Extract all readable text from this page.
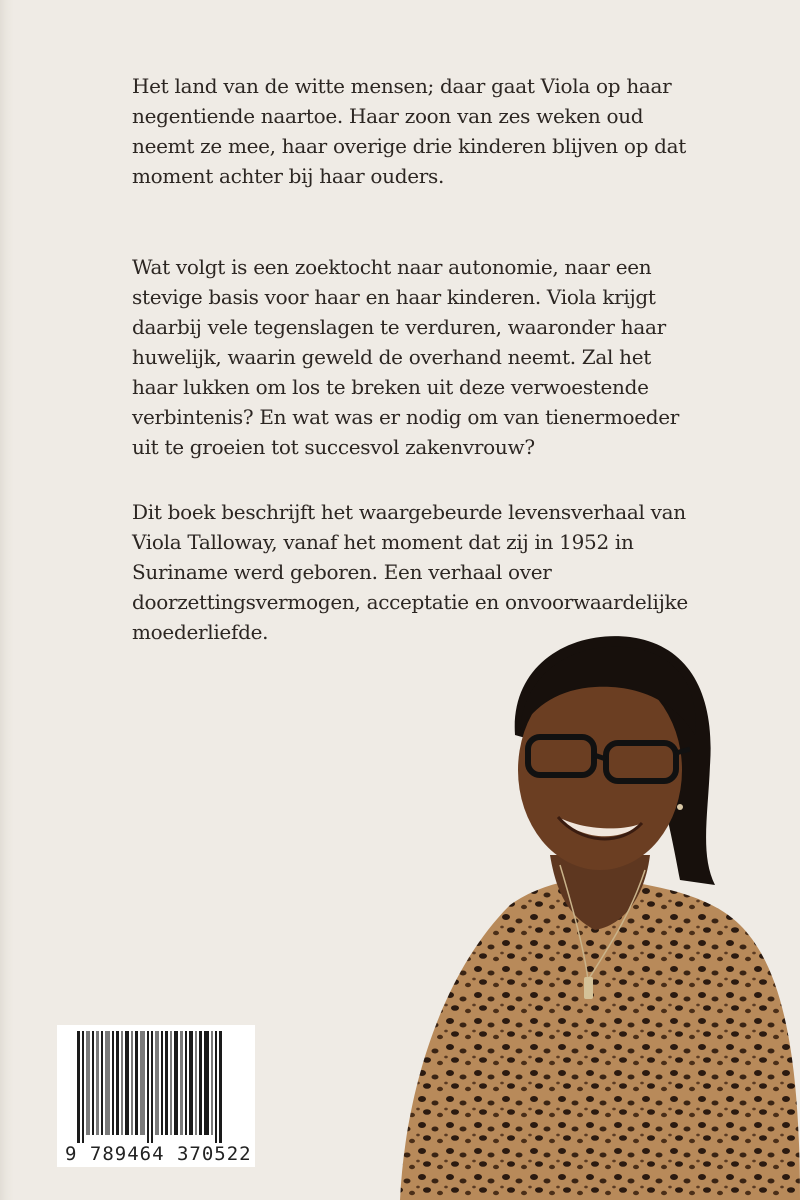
Het land van de witte mensen; daar gaat Viola op haar negentiende naartoe. Haar zoon van zes weken oud neemt ze mee, haar overige drie kinderen blijven op dat moment achter bij haar ouders.

Wat volgt is een zoektocht naar autonomie, naar een stevige basis voor haar en haar kinderen. Viola krijgt daarbij vele tegenslagen te verduren, waaronder haar huwelijk, waarin geweld de overhand neemt. Zal het haar lukken om los te breken uit deze verwoestende verbintenis? En wat was er nodig om van tienermoeder uit te groeien tot succesvol zakenvrouw?

Dit boek beschrijft het waargebeurde levensverhaal van Viola Talloway, vanaf het moment dat zij in 1952 in Suriname werd geboren. Een verhaal over doorzettingsvermogen, acceptatie en onvoorwaardelijke moederliefde.

9 789464 370522
